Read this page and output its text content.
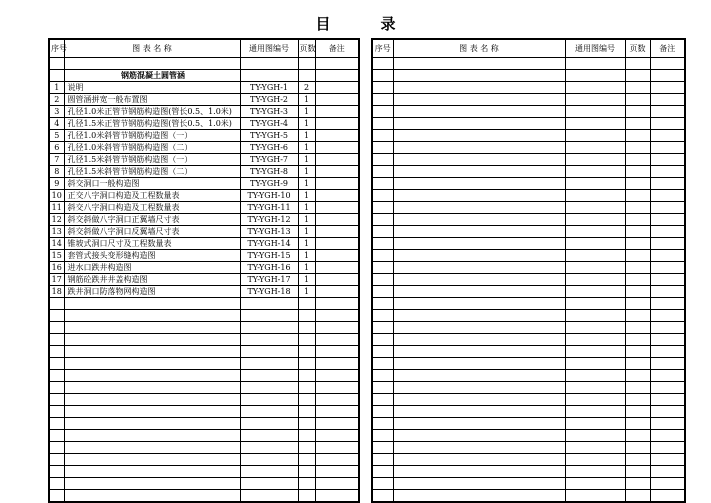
目	录
序号	图 表 名 称	通用图编号	页数	备注

	钢筋混凝土圆管涵			
1	说明	TY-YGH-1	2	
2	圆管涵拼宽一般布置图	TY-YGH-2	1	
3	孔径1.0米正管节钢筋构造图(管长0.5、1.0米)	TY-YGH-3	1	
4	孔径1.5米正管节钢筋构造图(管长0.5、1.0米)	TY-YGH-4	1	
5	孔径1.0米斜管节钢筋构造图（一）	TY-YGH-5	1	
6	孔径1.0米斜管节钢筋构造图（二）	TY-YGH-6	1	
7	孔径1.5米斜管节钢筋构造图（一）	TY-YGH-7	1	
8	孔径1.5米斜管节钢筋构造图（二）	TY-YGH-8	1	
9	斜交洞口一般构造图	TY-YGH-9	1	
10	正交八字洞口构造及工程数量表	TY-YGH-10	1	
11	斜交八字洞口构造及工程数量表	TY-YGH-11	1	
12	斜交斜做八字洞口正翼墙尺寸表	TY-YGH-12	1	
13	斜交斜做八字洞口反翼墙尺寸表	TY-YGH-13	1	
14	锥坡式洞口尺寸及工程数量表	TY-YGH-14	1	
15	套管式接头变形缝构造图	TY-YGH-15	1	
16	进水口跌井构造图	TY-YGH-16	1	
17	钢筋砼跌井井盖构造图	TY-YGH-17	1	
18	跌井洞口防落物网构造图	TY-YGH-18	1	

序号	图 表 名 称	通用图编号	页数	备注
